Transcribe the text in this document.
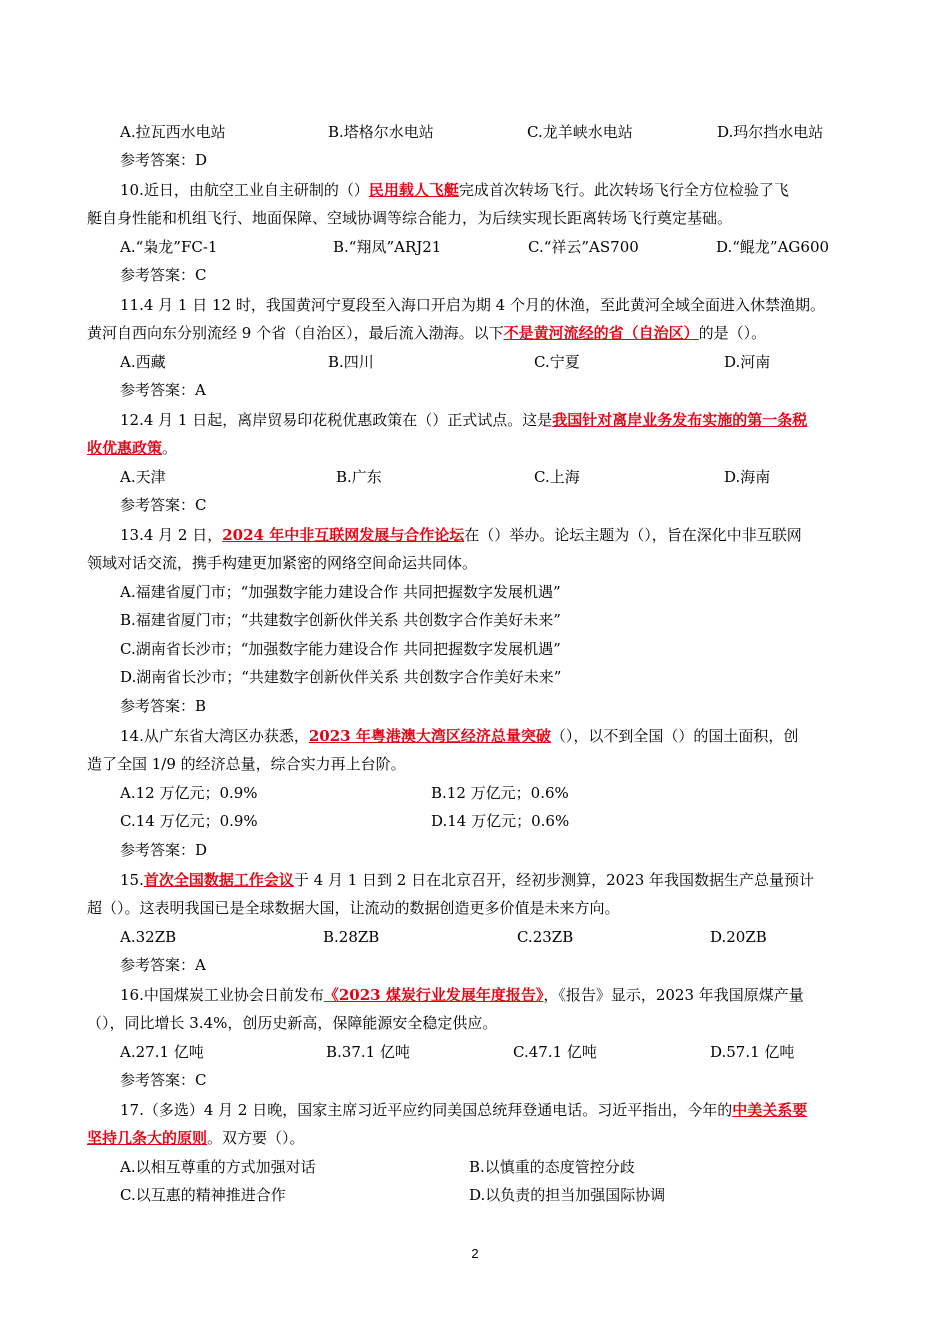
A.拉瓦西水电站	B.塔格尔水电站	C.龙羊峡水电站	D.玛尔挡水电站
参考答案：D
10.近日，由航空工业自主研制的（）民用载人飞艇完成首次转场飞行。此次转场飞行全方位检验了飞
艇自身性能和机组飞行、地面保障、空域协调等综合能力，为后续实现长距离转场飞行奠定基础。
A.“枭龙”FC-1	B.“翔凤”ARJ21	C.“祥云”AS700	D.“鲲龙”AG600
参考答案：C
11.4 月 1 日 12 时，我国黄河宁夏段至入海口开启为期 4 个月的休渔，至此黄河全域全面进入休禁渔期。
黄河自西向东分别流经 9 个省（自治区），最后流入渤海。以下不是黄河流经的省（自治区）的是（）。
A.西藏	B.四川	C.宁夏	D.河南
参考答案：A
12.4 月 1 日起，离岸贸易印花税优惠政策在（）正式试点。这是我国针对离岸业务发布实施的第一条税
收优惠政策。
A.天津	B.广东	C.上海	D.海南
参考答案：C
13.4 月 2 日，2024 年中非互联网发展与合作论坛在（）举办。论坛主题为（），旨在深化中非互联网
领域对话交流，携手构建更加紧密的网络空间命运共同体。
A.福建省厦门市；“加强数字能力建设合作 共同把握数字发展机遇”
B.福建省厦门市；“共建数字创新伙伴关系 共创数字合作美好未来”
C.湖南省长沙市；“加强数字能力建设合作 共同把握数字发展机遇”
D.湖南省长沙市；“共建数字创新伙伴关系 共创数字合作美好未来”
参考答案：B
14.从广东省大湾区办获悉，2023 年粤港澳大湾区经济总量突破（），以不到全国（）的国土面积，创
造了全国 1/9 的经济总量，综合实力再上台阶。
A.12 万亿元；0.9%	B.12 万亿元；0.6%
C.14 万亿元；0.9%	D.14 万亿元；0.6%
参考答案：D
15.首次全国数据工作会议于 4 月 1 日到 2 日在北京召开，经初步测算，2023 年我国数据生产总量预计
超（）。这表明我国已是全球数据大国，让流动的数据创造更多价值是未来方向。
A.32ZB	B.28ZB	C.23ZB	D.20ZB
参考答案：A
16.中国煤炭工业协会日前发布《2023 煤炭行业发展年度报告》，《报告》显示，2023 年我国原煤产量
（），同比增长 3.4%，创历史新高，保障能源安全稳定供应。
A.27.1 亿吨	B.37.1 亿吨	C.47.1 亿吨	D.57.1 亿吨
参考答案：C
17.（多选）4 月 2 日晚，国家主席习近平应约同美国总统拜登通电话。习近平指出，今年的中美关系要
坚持几条大的原则。双方要（）。
A.以相互尊重的方式加强对话	B.以慎重的态度管控分歧
C.以互惠的精神推进合作	D.以负责的担当加强国际协调
2
